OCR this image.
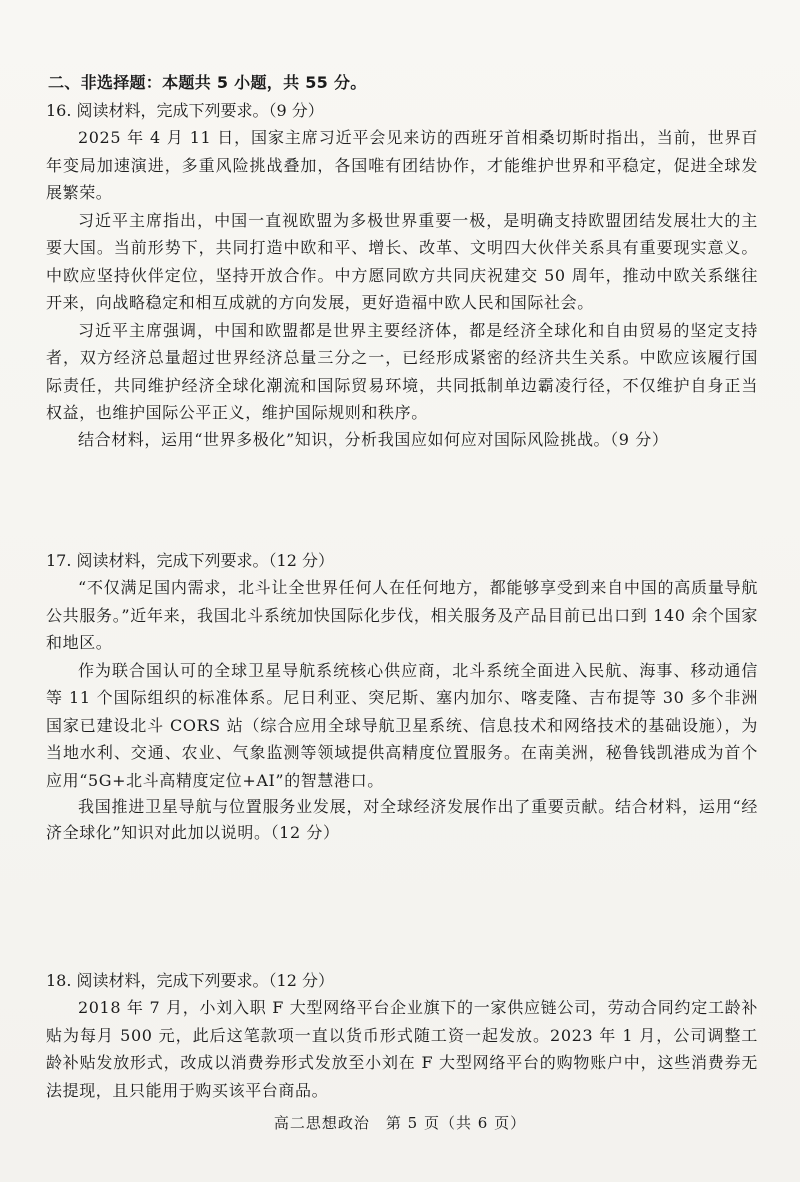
二、非选择题：本题共 5 小题，共 55 分。

16. 阅读材料，完成下列要求。（9 分）

2025 年 4 月 11 日，国家主席习近平会见来访的西班牙首相桑切斯时指出，当前，世界百年变局加速演进，多重风险挑战叠加，各国唯有团结协作，才能维护世界和平稳定，促进全球发展繁荣。

习近平主席指出，中国一直视欧盟为多极世界重要一极，是明确支持欧盟团结发展壮大的主要大国。当前形势下，共同打造中欧和平、增长、改革、文明四大伙伴关系具有重要现实意义。中欧应坚持伙伴定位，坚持开放合作。中方愿同欧方共同庆祝建交 50 周年，推动中欧关系继往开来，向战略稳定和相互成就的方向发展，更好造福中欧人民和国际社会。

习近平主席强调，中国和欧盟都是世界主要经济体，都是经济全球化和自由贸易的坚定支持者，双方经济总量超过世界经济总量三分之一，已经形成紧密的经济共生关系。中欧应该履行国际责任，共同维护经济全球化潮流和国际贸易环境，共同抵制单边霸凌行径，不仅维护自身正当权益，也维护国际公平正义，维护国际规则和秩序。

结合材料，运用“世界多极化”知识，分析我国应如何应对国际风险挑战。（9 分）

17. 阅读材料，完成下列要求。（12 分）

“不仅满足国内需求，北斗让全世界任何人在任何地方，都能够享受到来自中国的高质量导航公共服务。”近年来，我国北斗系统加快国际化步伐，相关服务及产品目前已出口到 140 余个国家和地区。

作为联合国认可的全球卫星导航系统核心供应商，北斗系统全面进入民航、海事、移动通信等 11 个国际组织的标准体系。尼日利亚、突尼斯、塞内加尔、喀麦隆、吉布提等 30 多个非洲国家已建设北斗 CORS 站（综合应用全球导航卫星系统、信息技术和网络技术的基础设施），为当地水利、交通、农业、气象监测等领域提供高精度位置服务。在南美洲，秘鲁钱凯港成为首个应用“5G+北斗高精度定位+AI”的智慧港口。

我国推进卫星导航与位置服务业发展，对全球经济发展作出了重要贡献。结合材料，运用“经济全球化”知识对此加以说明。（12 分）

18. 阅读材料，完成下列要求。（12 分）

2018 年 7 月，小刘入职 F 大型网络平台企业旗下的一家供应链公司，劳动合同约定工龄补贴为每月 500 元，此后这笔款项一直以货币形式随工资一起发放。2023 年 1 月，公司调整工龄补贴发放形式，改成以消费券形式发放至小刘在 F 大型网络平台的购物账户中，这些消费券无法提现，且只能用于购买该平台商品。

高二思想政治　第 5 页（共 6 页）
